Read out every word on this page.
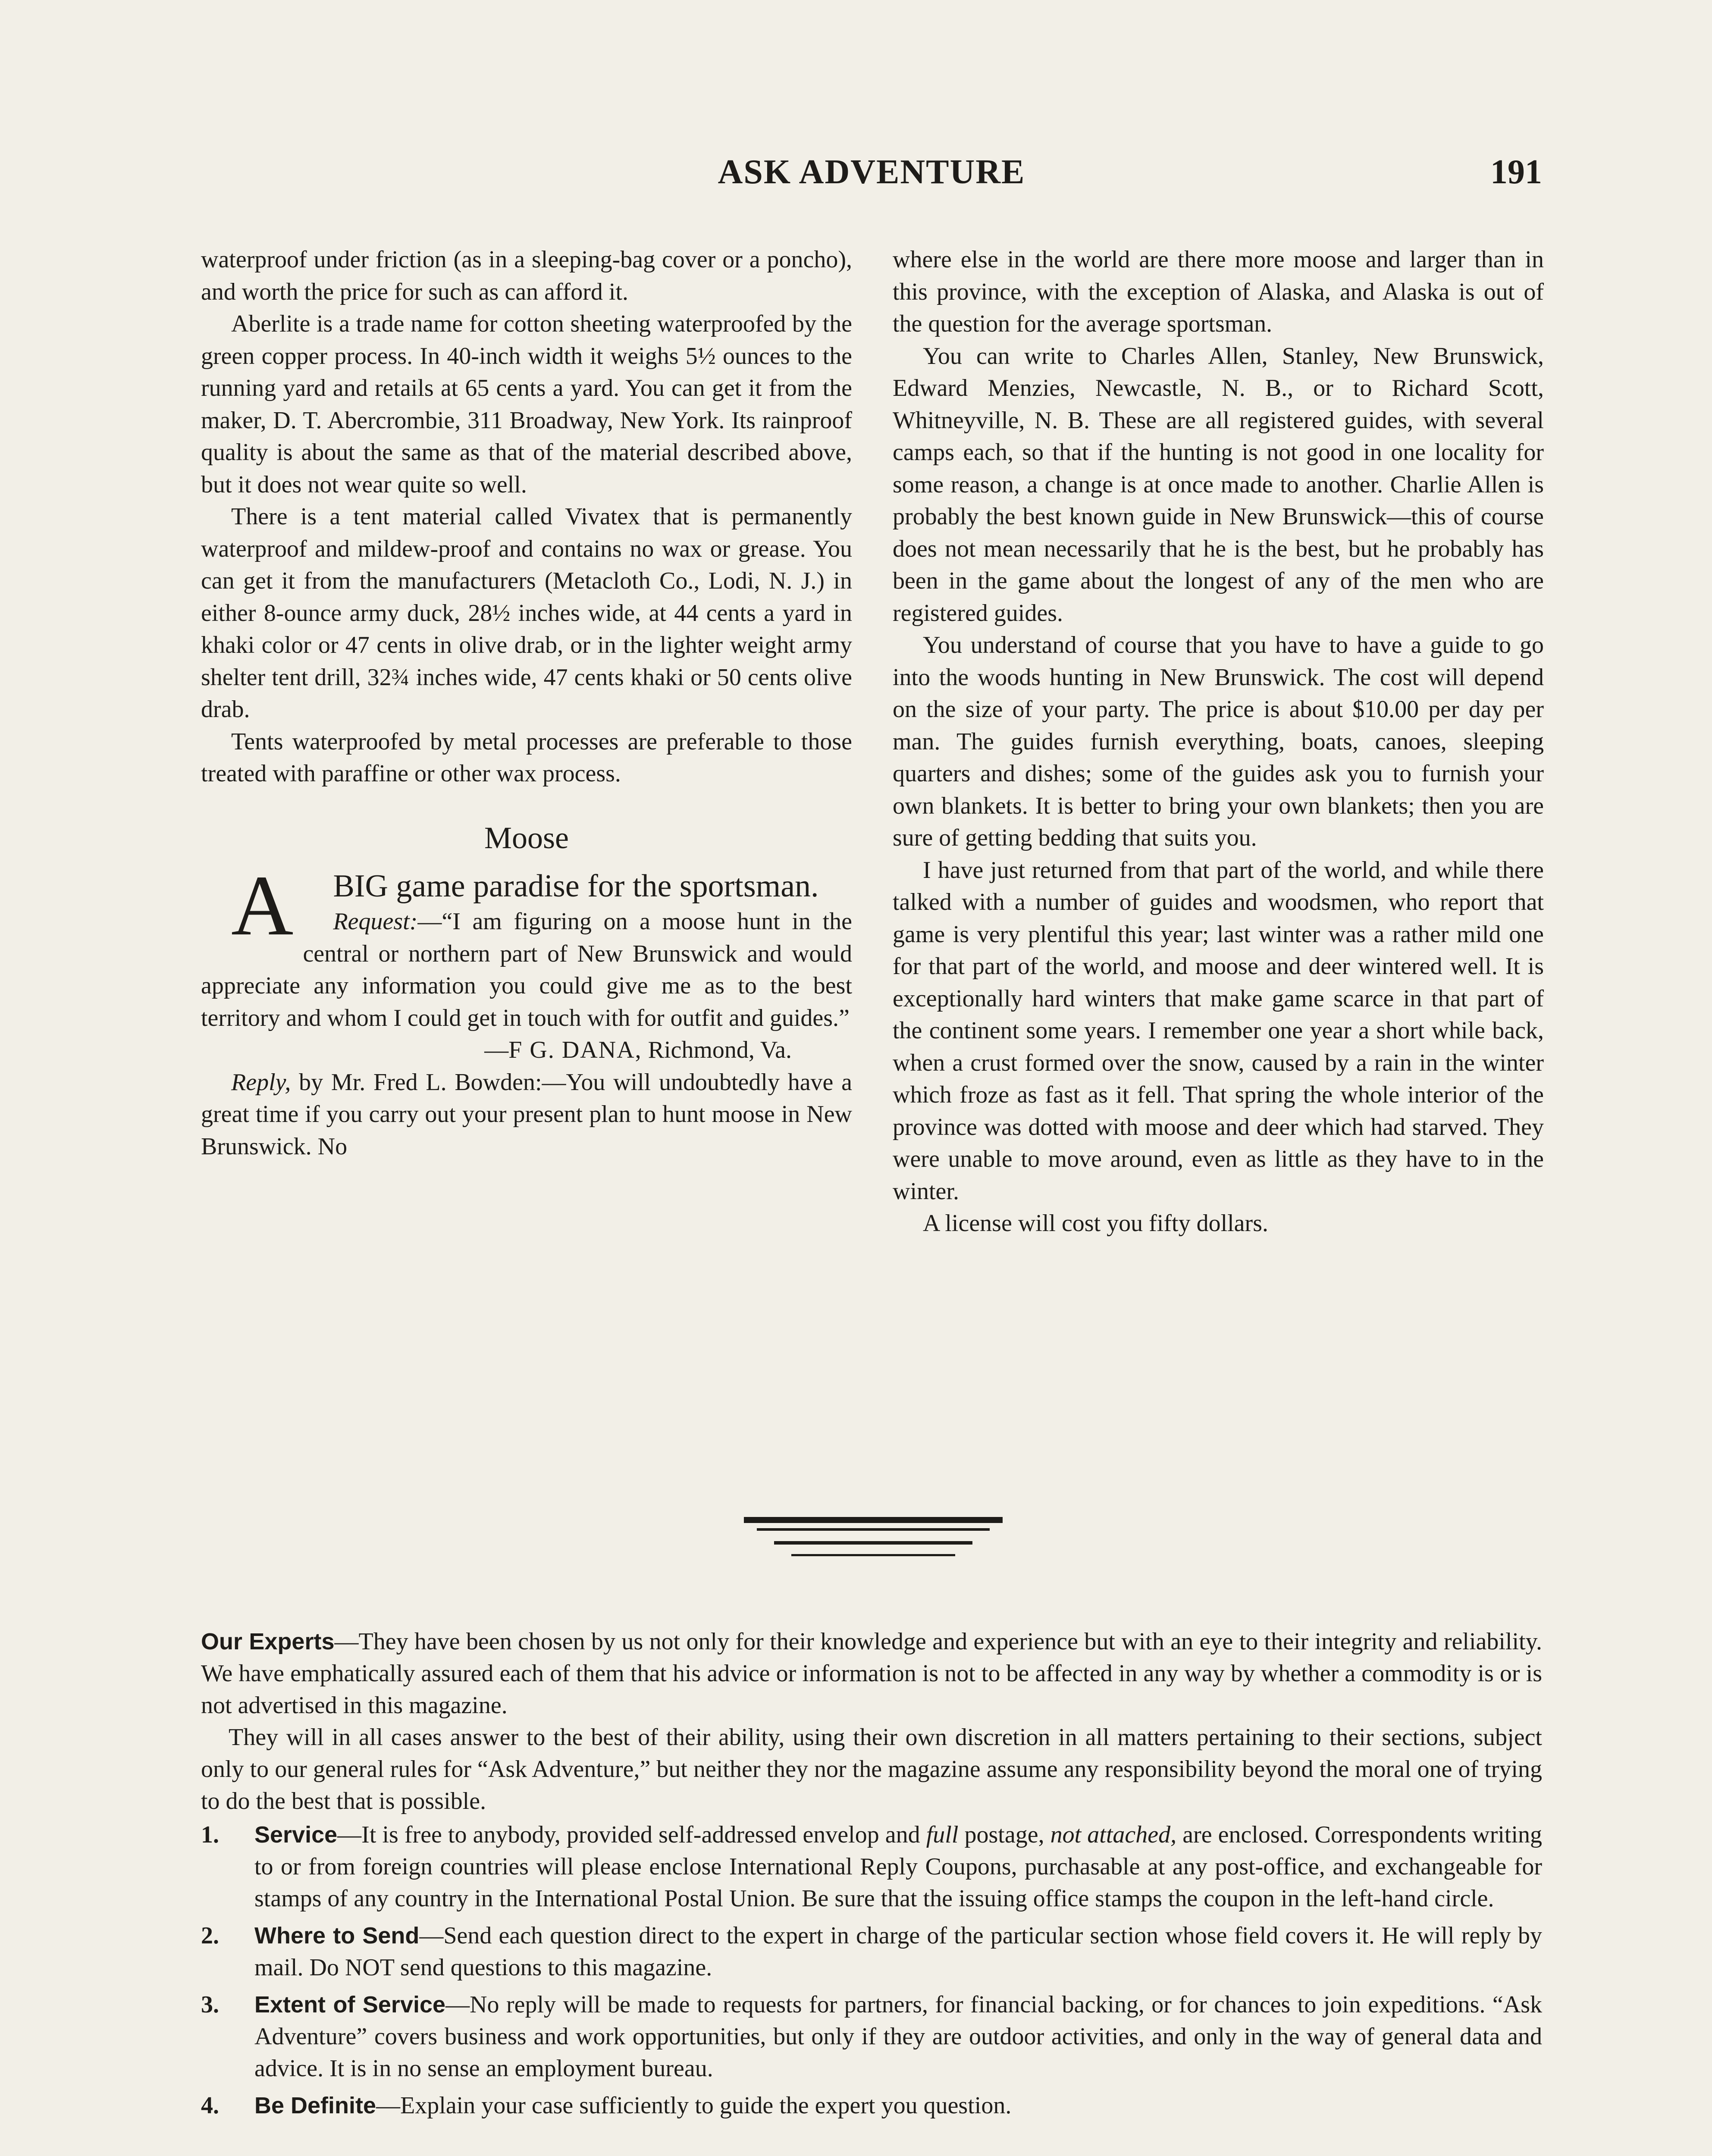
ASK ADVENTURE	191

waterproof under friction (as in a sleeping-bag cover or a poncho), and worth the price for such as can afford it.

Aberlite is a trade name for cotton sheeting waterproofed by the green copper process. In 40-inch width it weighs 5½ ounces to the running yard and retails at 65 cents a yard. You can get it from the maker, D. T. Abercrombie, 311 Broadway, New York. Its rainproof quality is about the same as that of the material described above, but it does not wear quite so well.

There is a tent material called Vivatex that is permanently waterproof and mildew-proof and contains no wax or grease. You can get it from the manufacturers (Metacloth Co., Lodi, N. J.) in either 8-ounce army duck, 28½ inches wide, at 44 cents a yard in khaki color or 47 cents in olive drab, or in the lighter weight army shelter tent drill, 32¾ inches wide, 47 cents khaki or 50 cents olive drab.

Tents waterproofed by metal processes are preferable to those treated with paraffine or other wax process.

Moose

A BIG game paradise for the sportsman.

Request:—“I am figuring on a moose hunt in the central or northern part of New Brunswick and would appreciate any information you could give me as to the best territory and whom I could get in touch with for outfit and guides.”

—F G. DANA, Richmond, Va.

Reply, by Mr. Fred L. Bowden:—You will undoubtedly have a great time if you carry out your present plan to hunt moose in New Brunswick. No

where else in the world are there more moose and larger than in this province, with the exception of Alaska, and Alaska is out of the question for the average sportsman.

You can write to Charles Allen, Stanley, New Brunswick, Edward Menzies, Newcastle, N. B., or to Richard Scott, Whitneyville, N. B. These are all registered guides, with several camps each, so that if the hunting is not good in one locality for some reason, a change is at once made to another. Charlie Allen is probably the best known guide in New Brunswick—this of course does not mean necessarily that he is the best, but he probably has been in the game about the longest of any of the men who are registered guides.

You understand of course that you have to have a guide to go into the woods hunting in New Brunswick. The cost will depend on the size of your party. The price is about $10.00 per day per man. The guides furnish everything, boats, canoes, sleeping quarters and dishes; some of the guides ask you to furnish your own blankets. It is better to bring your own blankets; then you are sure of getting bedding that suits you.

I have just returned from that part of the world, and while there talked with a number of guides and woodsmen, who report that game is very plentiful this year; last winter was a rather mild one for that part of the world, and moose and deer wintered well. It is exceptionally hard winters that make game scarce in that part of the continent some years. I remember one year a short while back, when a crust formed over the snow, caused by a rain in the winter which froze as fast as it fell. That spring the whole interior of the province was dotted with moose and deer which had starved. They were unable to move around, even as little as they have to in the winter.

A license will cost you fifty dollars.

Our Experts—They have been chosen by us not only for their knowledge and experience but with an eye to their integrity and reliability. We have emphatically assured each of them that his advice or information is not to be affected in any way by whether a commodity is or is not advertised in this magazine.

They will in all cases answer to the best of their ability, using their own discretion in all matters pertaining to their sections, subject only to our general rules for “Ask Adventure,” but neither they nor the magazine assume any responsibility beyond the moral one of trying to do the best that is possible.

1. Service—It is free to anybody, provided self-addressed envelop and full postage, not attached, are enclosed. Correspondents writing to or from foreign countries will please enclose International Reply Coupons, purchasable at any post-office, and exchangeable for stamps of any country in the International Postal Union. Be sure that the issuing office stamps the coupon in the left-hand circle.
2. Where to Send—Send each question direct to the expert in charge of the particular section whose field covers it. He will reply by mail. Do NOT send questions to this magazine.
3. Extent of Service—No reply will be made to requests for partners, for financial backing, or for chances to join expeditions. “Ask Adventure” covers business and work opportunities, but only if they are outdoor activities, and only in the way of general data and advice. It is in no sense an employment bureau.
4. Be Definite—Explain your case sufficiently to guide the expert you question.
